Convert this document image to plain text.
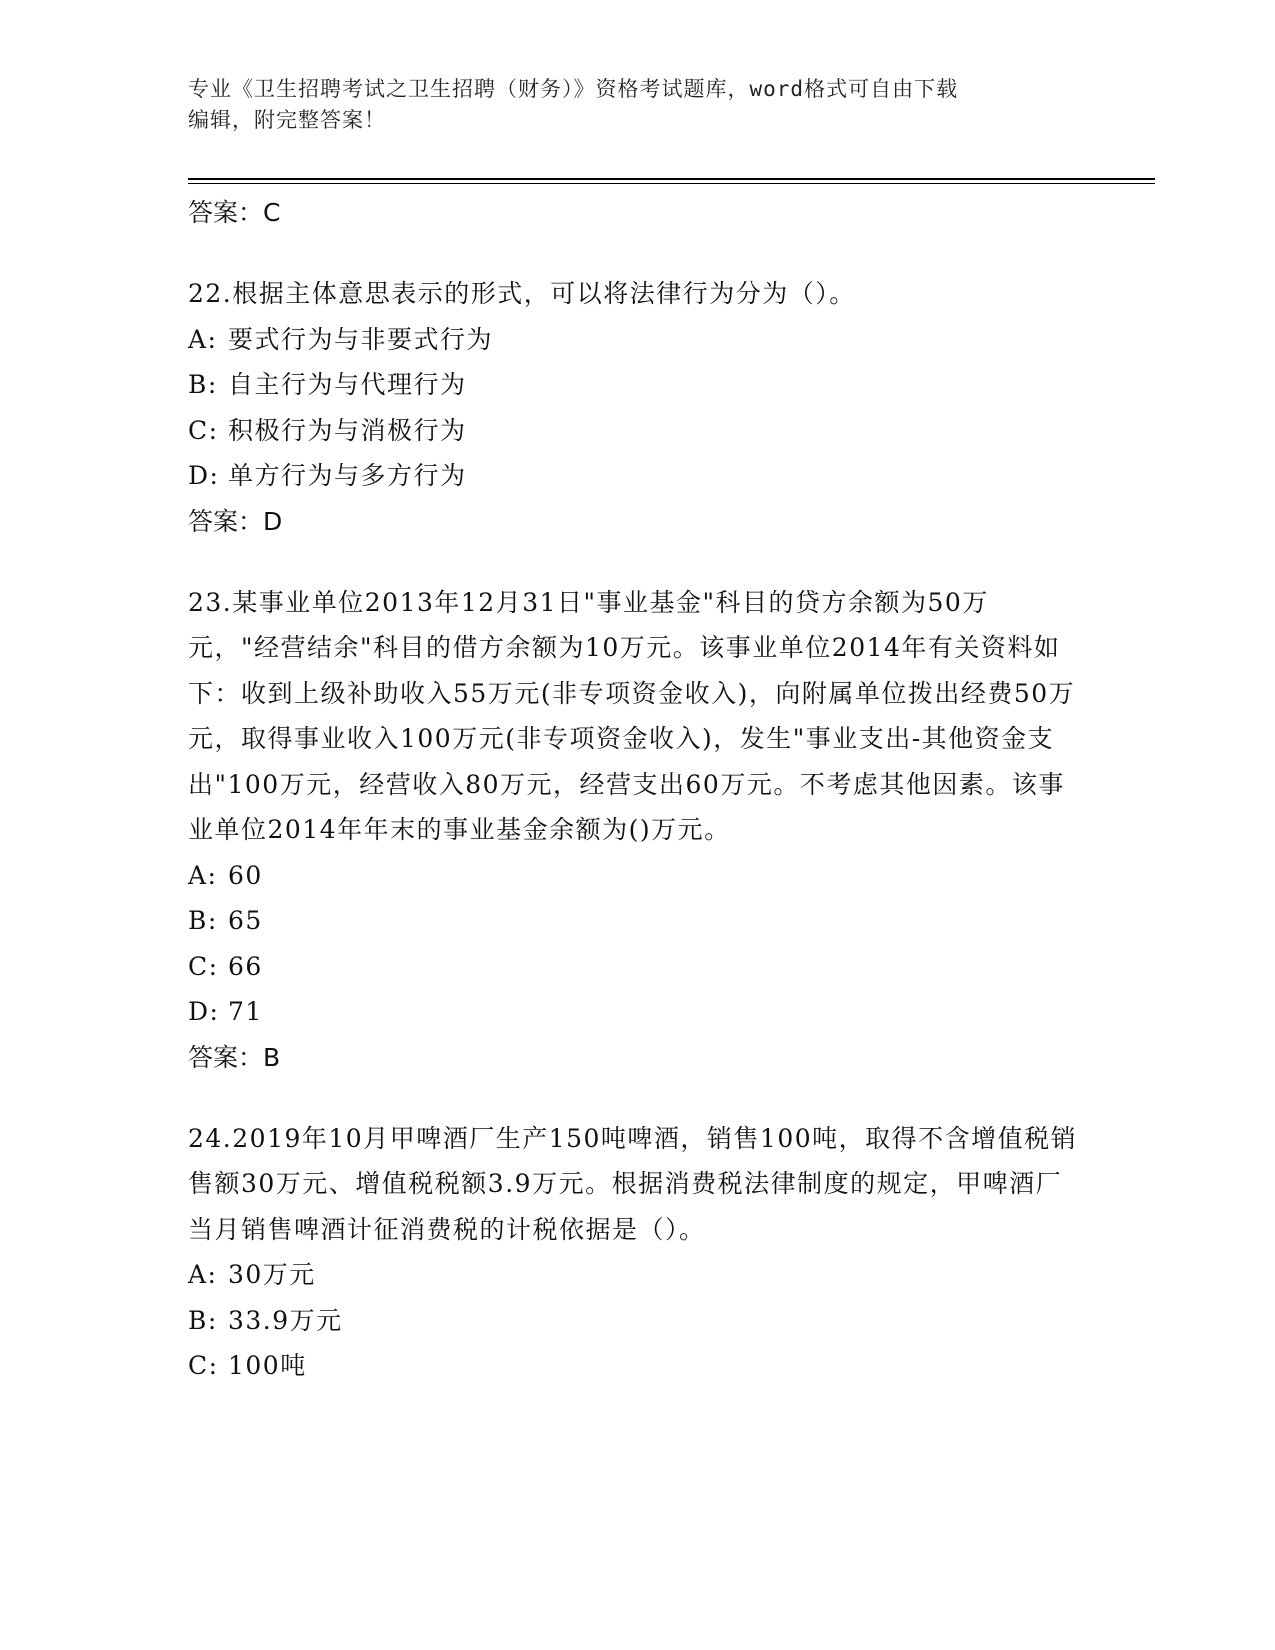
专业《卫生招聘考试之卫生招聘（财务）》资格考试题库，word格式可自由下载
编辑，附完整答案！
答案：C

22.根据主体意思表示的形式，可以将法律行为分为（）。

A: 要式行为与非要式行为
B: 自主行为与代理行为
C: 积极行为与消极行为
D: 单方行为与多方行为
答案：D

23.某事业单位2013年12月31日"事业基金"科目的贷方余额为50万元，"经营结余"科目的借方余额为10万元。该事业单位2014年有关资料如下：收到上级补助收入55万元(非专项资金收入)，向附属单位拨出经费50万元，取得事业收入100万元(非专项资金收入)，发生"事业支出-其他资金支出"100万元，经营收入80万元，经营支出60万元。不考虑其他因素。该事业单位2014年年末的事业基金余额为()万元。

A: 60
B: 65
C: 66
D: 71
答案：B

24.2019年10月甲啤酒厂生产150吨啤酒，销售100吨，取得不含增值税销售额30万元、增值税税额3.9万元。根据消费税法律制度的规定，甲啤酒厂当月销售啤酒计征消费税的计税依据是（）。

A: 30万元
B: 33.9万元
C: 100吨
